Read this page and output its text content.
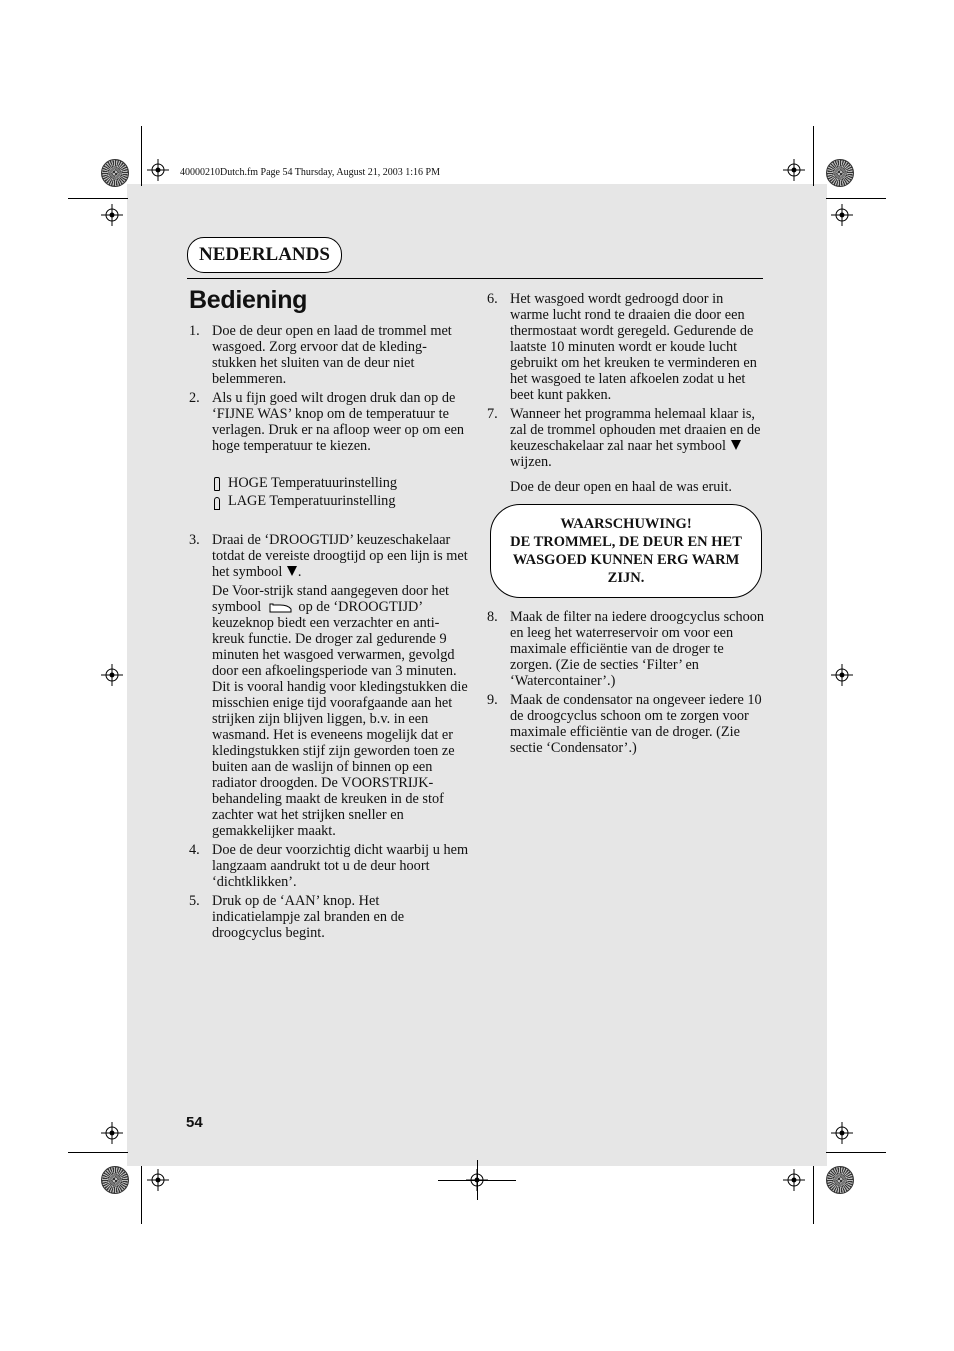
40000210Dutch.fm Page 54 Thursday, August 21, 2003 1:16 PM
NEDERLANDS
Bediening
1. Doe de deur open en laad de trommel met wasgoed. Zorg ervoor dat de kleding-stukken het sluiten van de deur niet belemmeren.
2. Als u fijn goed wilt drogen druk dan op de ‘FIJNE WAS’ knop om de temperatuur te verlagen. Druk er na afloop weer op om een hoge temperatuur te kiezen.
HOGE Temperatuurinstelling
LAGE Temperatuurinstelling
3. Draai de ‘DROOGTIJD’ keuzeschakelaar totdat de vereiste droogtijd op een lijn is met het symbool .
De Voor-strijk stand aangegeven door het symbool	op de ‘DROOGTIJD’ keuzeknop biedt een verzachter en anti-kreuk functie. De droger zal gedurende 9 minuten het wasgoed verwarmen, gevolgd door een afkoelingsperiode van 3 minuten. Dit is vooral handig voor kledingstukken die misschien enige tijd voorafgaande aan het strijken zijn blijven liggen, b.v. in een wasmand. Het is eveneens mogelijk dat er kledingstukken stijf zijn geworden toen ze buiten aan de waslijn of binnen op een radiator droogden. De VOORSTRIJK-behandeling maakt de kreuken in de stof zachter wat het strijken sneller en gemakkelijker maakt.
4. Doe de deur voorzichtig dicht waarbij u hem langzaam aandrukt tot u de deur hoort ‘dichtklikken’.
5. Druk op de ‘AAN’ knop. Het indicatielampje zal branden en de droogcyclus begint.
6. Het wasgoed wordt gedroogd door in warme lucht rond te draaien die door een thermostaat wordt geregeld. Gedurende de laatste 10 minuten wordt er koude lucht gebruikt om het kreuken te verminderen en het wasgoed te laten afkoelen zodat u het beet kunt pakken.
7. Wanneer het programma helemaal klaar is, zal de trommel ophouden met draaien en de keuzeschakelaar zal naar het symbool  wijzen.
Doe de deur open en haal de was eruit.
WAARSCHUWING!
DE TROMMEL, DE DEUR EN HET WASGOED KUNNEN ERG WARM ZIJN.
8. Maak de filter na iedere droogcyclus schoon en leeg het waterreservoir om voor een maximale efficiëntie van de droger te zorgen. (Zie de secties ‘Filter’ en ‘Watercontainer’.)
9. Maak de condensator na ongeveer iedere 10 de droogcyclus schoon om te zorgen voor maximale efficiëntie van de droger. (Zie sectie ‘Condensator’.)
54
